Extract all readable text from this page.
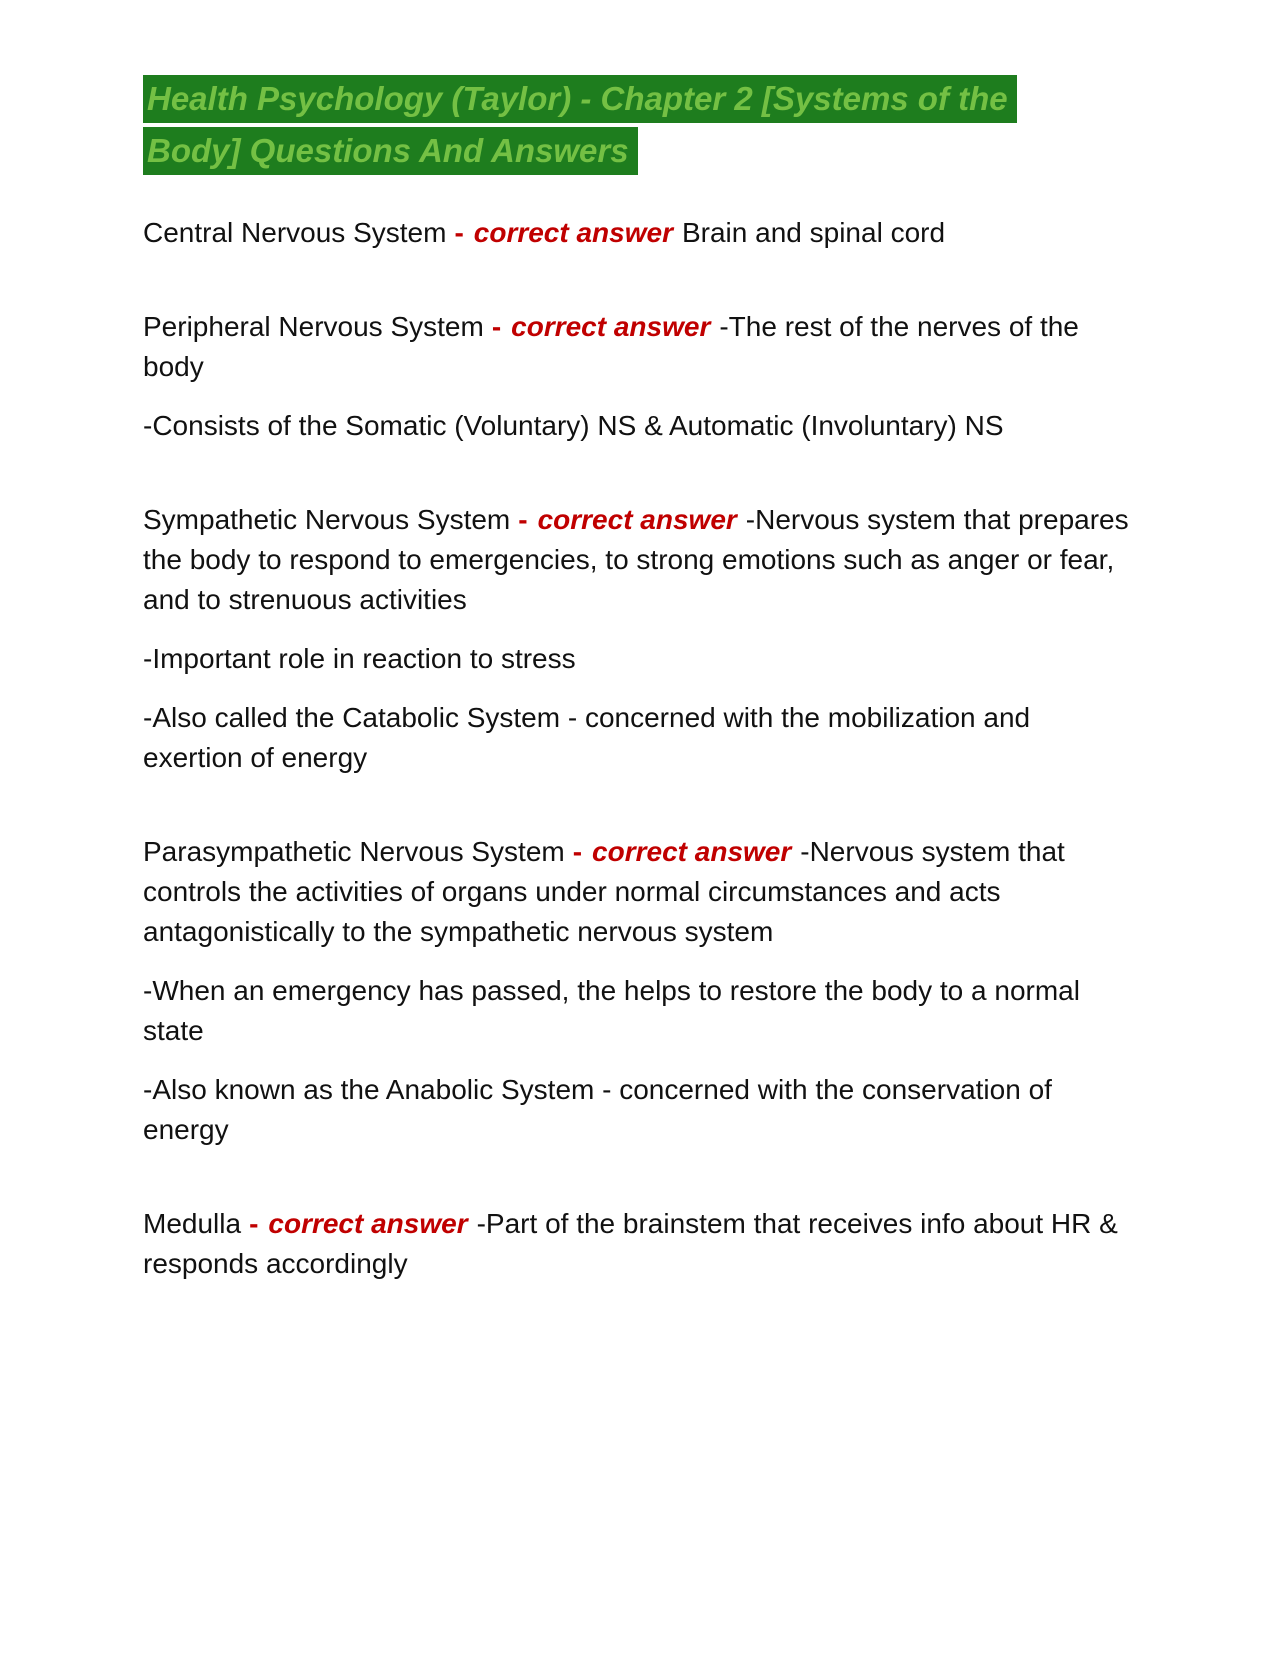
Health Psychology (Taylor) - Chapter 2 [Systems of the
Body] Questions And Answers

Central Nervous System - correct answer Brain and spinal cord

Peripheral Nervous System - correct answer -The rest of the nerves of the body

-Consists of the Somatic (Voluntary) NS & Automatic (Involuntary) NS

Sympathetic Nervous System - correct answer -Nervous system that prepares the body to respond to emergencies, to strong emotions such as anger or fear, and to strenuous activities

-Important role in reaction to stress

-Also called the Catabolic System - concerned with the mobilization and exertion of energy

Parasympathetic Nervous System - correct answer -Nervous system that controls the activities of organs under normal circumstances and acts antagonistically to the sympathetic nervous system

-When an emergency has passed, the helps to restore the body to a normal state

-Also known as the Anabolic System - concerned with the conservation of energy

Medulla - correct answer -Part of the brainstem that receives info about HR & responds accordingly
